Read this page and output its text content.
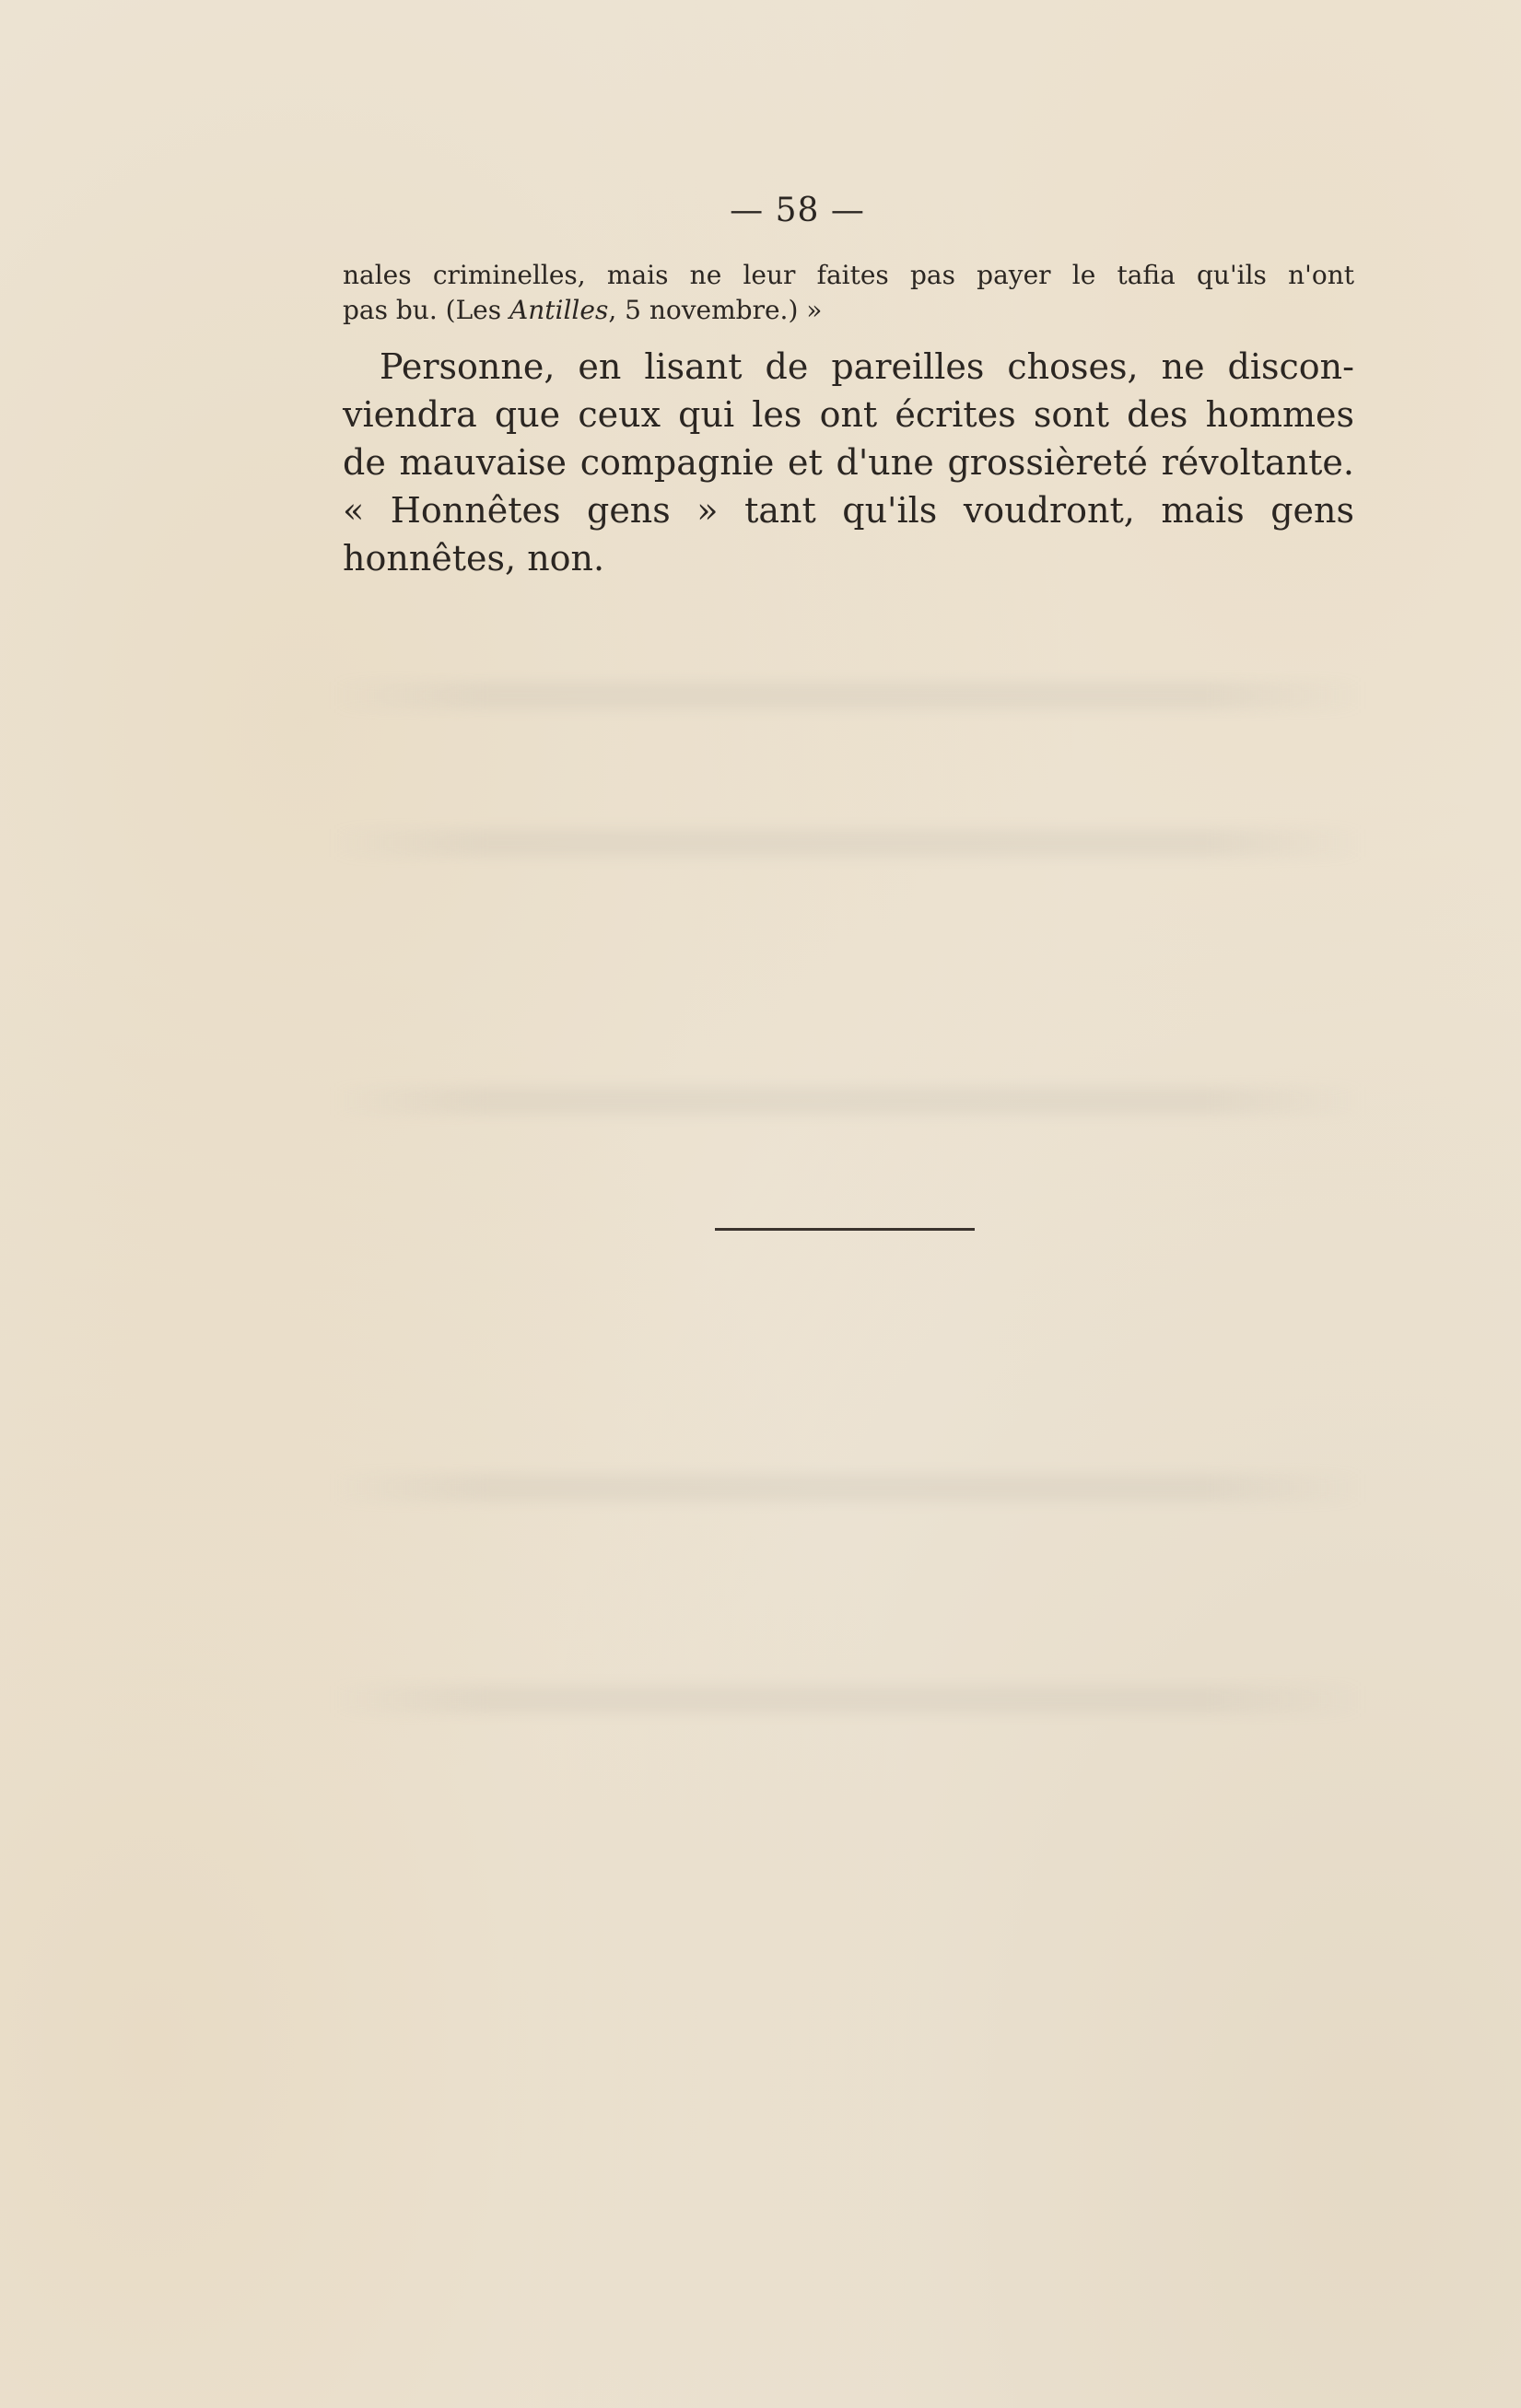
— 58 —
nales criminelles, mais ne leur faites pas payer le tafia qu'ils n'ont
pas bu. (Les Antilles, 5 novembre.) »
Personne, en lisant de pareilles choses, ne discon-
viendra que ceux qui les ont écrites sont des hommes
de mauvaise compagnie et d'une grossièreté révoltante.
« Honnêtes gens » tant qu'ils voudront, mais gens
honnêtes, non.
